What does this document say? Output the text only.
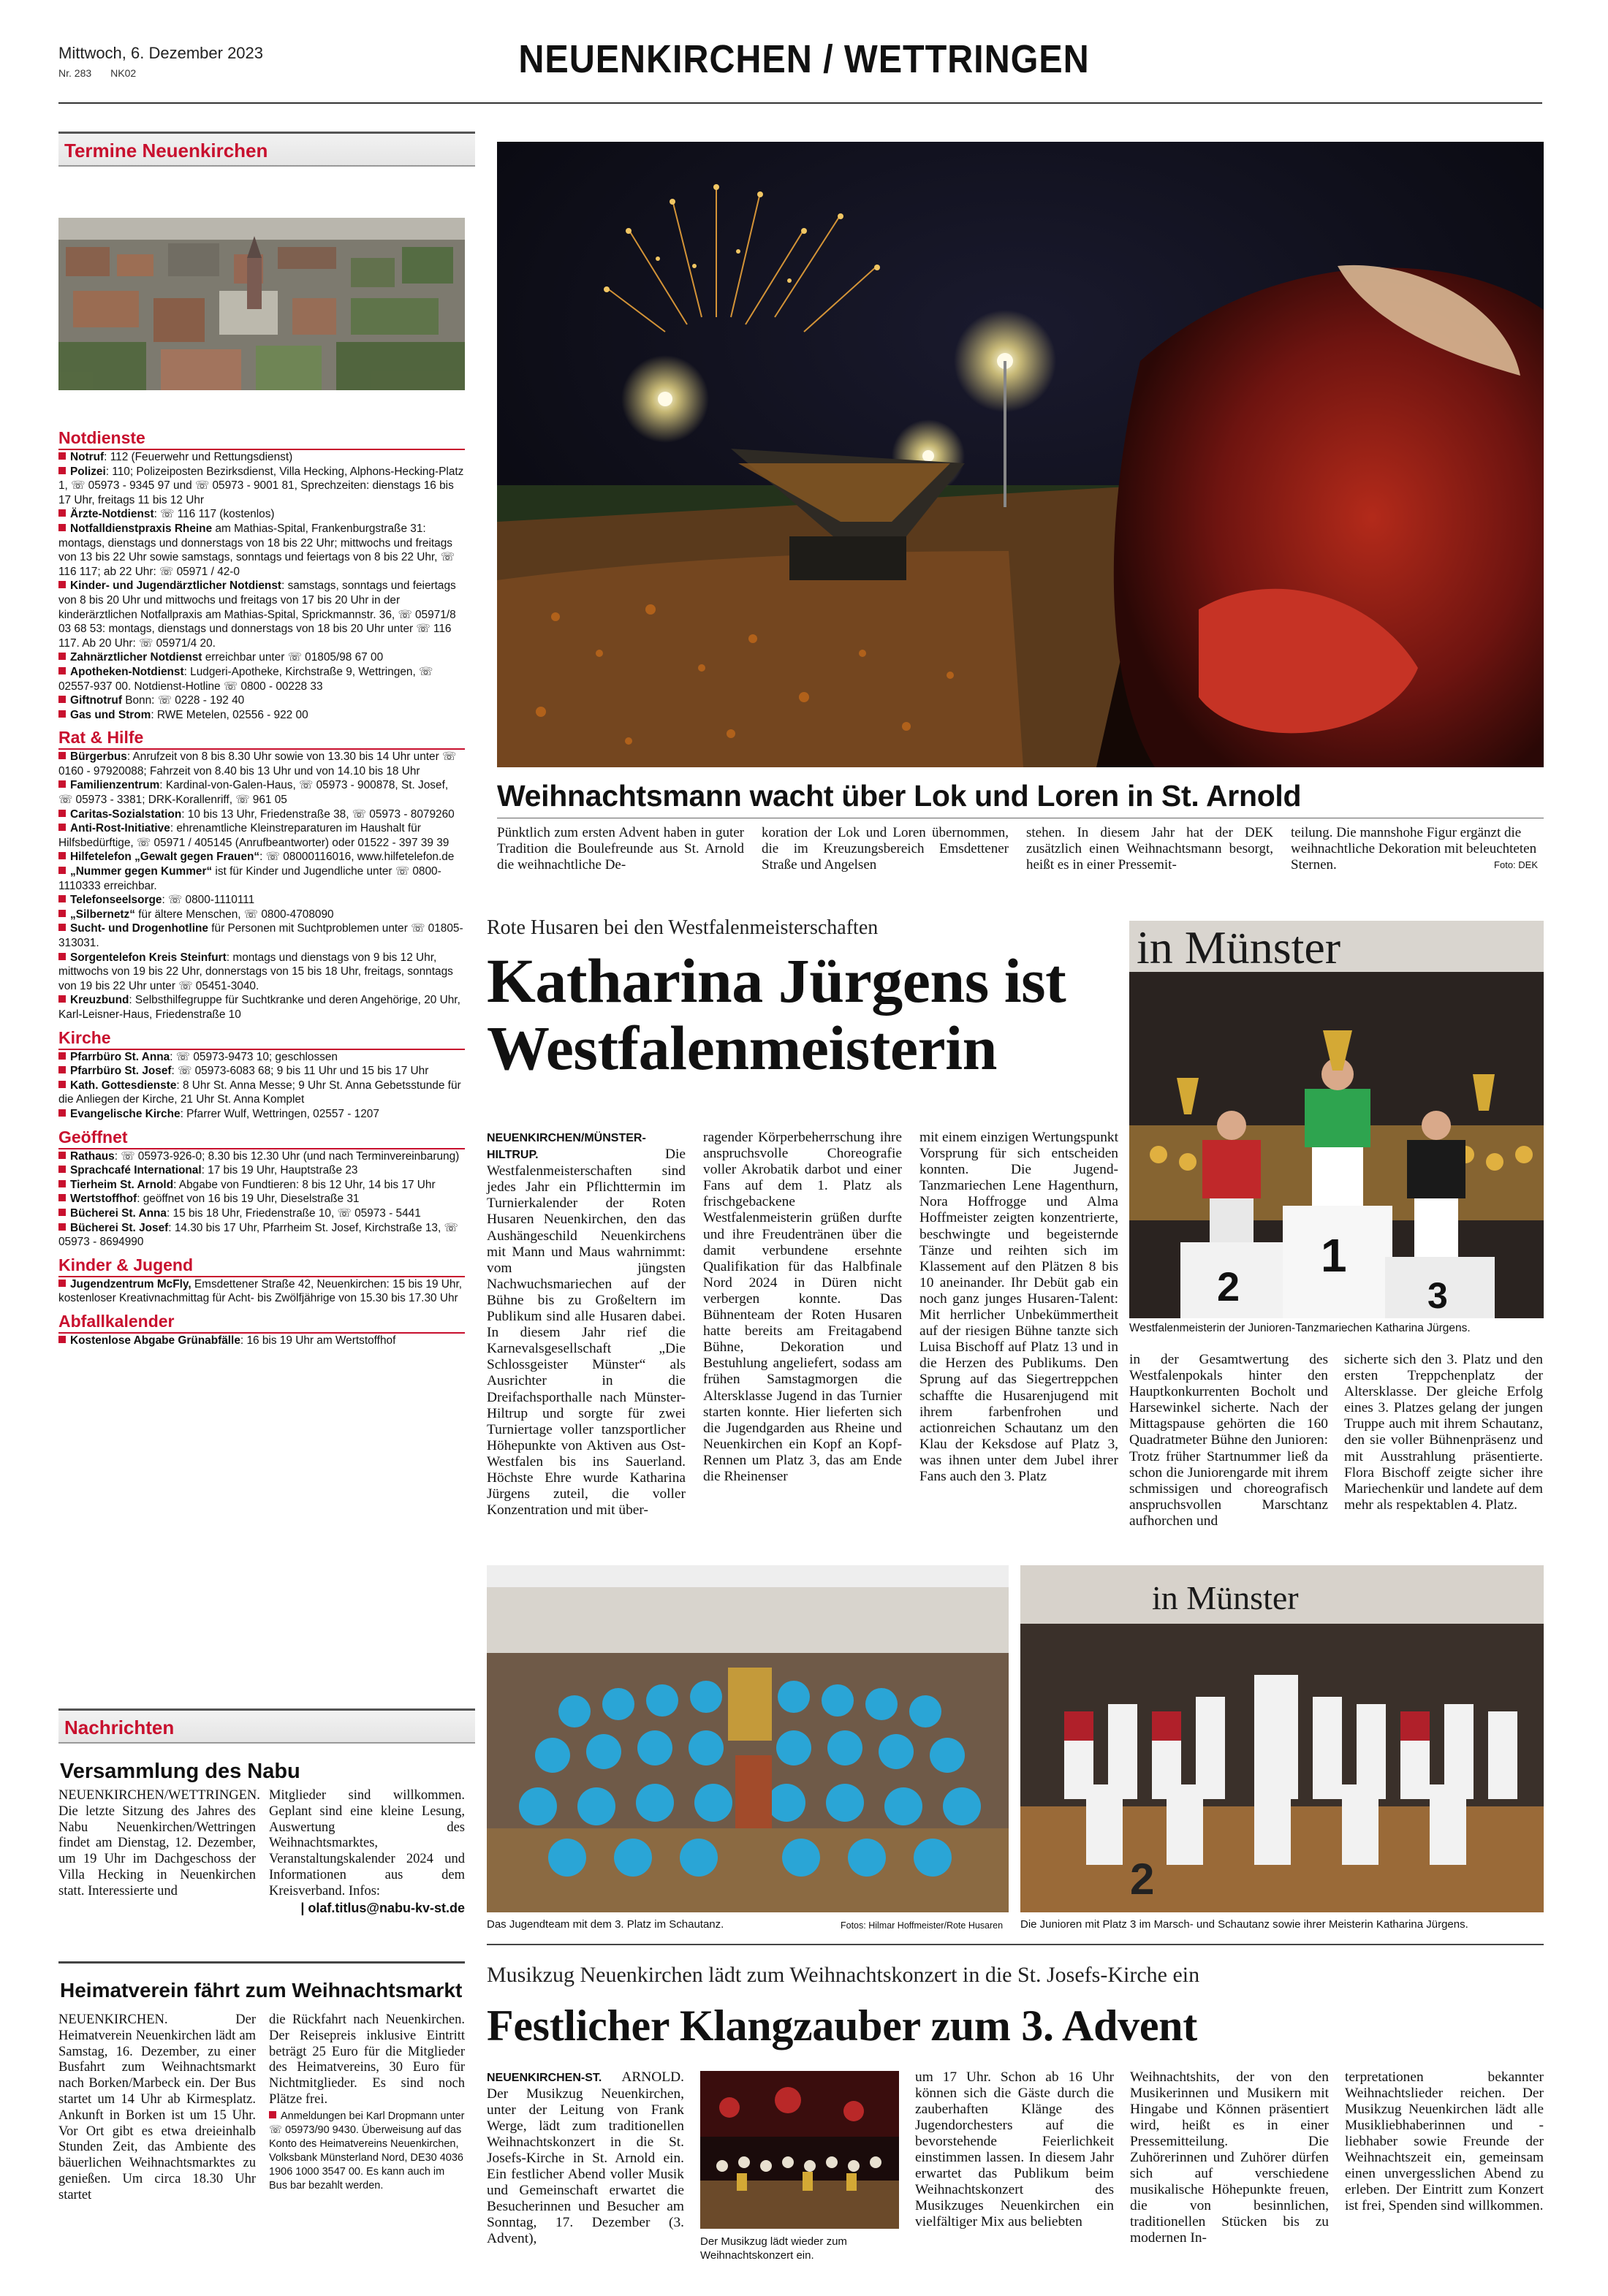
Mittwoch, 6. Dezember 2023
Nr. 283 NK02	NEUENKIRCHEN / WETTRINGEN
Termine Neuenkirchen
Notdienste
Notruf: 112 (Feuerwehr und Rettungsdienst)
Polizei: 110; Polizeiposten Bezirksdienst, Villa Hecking, Alphons-Hecking-Platz 1, ☏ 05973 - 9345 97 und ☏ 05973 - 9001 81, Sprechzeiten: dienstags 16 bis 17 Uhr, freitags 11 bis 12 Uhr
Ärzte-Notdienst: ☏ 116 117 (kostenlos)
Notfalldienstpraxis Rheine am Mathias-Spital, Frankenburgstraße 31: montags, dienstags und donnerstags von 18 bis 22 Uhr; mittwochs und freitags von 13 bis 22 Uhr sowie samstags, sonntags und feiertags von 8 bis 22 Uhr, ☏ 116 117; ab 22 Uhr: ☏ 05971 / 42-0
Kinder- und Jugendärztlicher Notdienst: samstags, sonntags und feiertags von 8 bis 20 Uhr und mittwochs und freitags von 17 bis 20 Uhr in der kinderärztlichen Notfallpraxis am Mathias-Spital, Sprickmannstr. 36, ☏ 05971/8 03 68 53: montags, dienstags und donnerstags von 18 bis 20 Uhr unter ☏ 116 117. Ab 20 Uhr: ☏ 05971/4 20.
Zahnärztlicher Notdienst erreichbar unter ☏ 01805/98 67 00
Apotheken-Notdienst: Ludgeri-Apotheke, Kirchstraße 9, Wettringen, ☏ 02557-937 00. Notdienst-Hotline ☏ 0800 - 00228 33
Giftnotruf Bonn: ☏ 0228 - 192 40
Gas und Strom: RWE Metelen, 02556 - 922 00
Rat & Hilfe
Bürgerbus: Anrufzeit von 8 bis 8.30 Uhr sowie von 13.30 bis 14 Uhr unter ☏ 0160 - 97920088; Fahrzeit von 8.40 bis 13 Uhr und von 14.10 bis 18 Uhr
Familienzentrum: Kardinal-von-Galen-Haus, ☏ 05973 - 900878, St. Josef, ☏ 05973 - 3381; DRK-Korallenriff, ☏ 961 05
Caritas-Sozialstation: 10 bis 13 Uhr, Friedenstraße 38, ☏ 05973 - 8079260
Anti-Rost-Initiative: ehrenamtliche Kleinstreparaturen im Haushalt für Hilfsbedürftige, ☏ 05971 / 405145 (Anrufbeantworter) oder 01522 - 397 39 39
Hilfetelefon „Gewalt gegen Frauen“: ☏ 08000116016, www.hilfetelefon.de
„Nummer gegen Kummer“ ist für Kinder und Jugendliche unter ☏ 0800-1110333 erreichbar.
Telefonseelsorge: ☏ 0800-1110111
„Silbernetz“ für ältere Menschen, ☏ 0800-4708090
Sucht- und Drogenhotline für Personen mit Suchtproblemen unter ☏ 01805-313031.
Sorgentelefon Kreis Steinfurt: montags und dienstags von 9 bis 12 Uhr, mittwochs von 19 bis 22 Uhr, donnerstags von 15 bis 18 Uhr, freitags, sonntags von 19 bis 22 Uhr unter ☏ 05451-3040.
Kreuzbund: Selbsthilfegruppe für Suchtkranke und deren Angehörige, 20 Uhr, Karl-Leisner-Haus, Friedenstraße 10
Kirche
Pfarrbüro St. Anna: ☏ 05973-9473 10; geschlossen
Pfarrbüro St. Josef: ☏ 05973-6083 68; 9 bis 11 Uhr und 15 bis 17 Uhr
Kath. Gottesdienste: 8 Uhr St. Anna Messe; 9 Uhr St. Anna Gebetsstunde für die Anliegen der Kirche, 21 Uhr St. Anna Komplet
Evangelische Kirche: Pfarrer Wulf, Wettringen, 02557 - 1207
Geöffnet
Rathaus: ☏ 05973-926-0; 8.30 bis 12.30 Uhr (und nach Terminvereinbarung)
Sprachcafé International: 17 bis 19 Uhr, Hauptstraße 23
Tierheim St. Arnold: Abgabe von Fundtieren: 8 bis 12 Uhr, 14 bis 17 Uhr
Wertstoffhof: geöffnet von 16 bis 19 Uhr, Dieselstraße 31
Bücherei St. Anna: 15 bis 18 Uhr, Friedenstraße 10, ☏ 05973 - 5441
Bücherei St. Josef: 14.30 bis 17 Uhr, Pfarrheim St. Josef, Kirchstraße 13, ☏ 05973 - 8694990
Kinder & Jugend
Jugendzentrum McFly, Emsdettener Straße 42, Neuenkirchen: 15 bis 19 Uhr, kostenloser Kreativnachmittag für Acht- bis Zwölfjährige von 15.30 bis 17.30 Uhr
Abfallkalender
Kostenlose Abgabe Grünabfälle: 16 bis 19 Uhr am Wertstoffhof
Nachrichten
Versammlung des Nabu

NEUENKIRCHEN/WETTRINGEN. Die letzte Sitzung des Jahres des Nabu Neuenkirchen/Wettringen findet am Dienstag, 12. Dezember, um 19 Uhr im Dachgeschoss der Villa Hecking in Neuenkirchen statt. Interessierte und

Mitglieder sind willkommen. Geplant sind eine kleine Lesung, Auswertung des Weihnachtsmarktes, Veranstaltungskalender 2024 und Informationen aus dem Kreisverband. Infos:

| olaf.titlus@nabu-kv-st.de

Heimatverein fährt zum Weihnachtsmarkt

NEUENKIRCHEN. Der Heimatverein Neuenkirchen lädt am Samstag, 16. Dezember, zu einer Busfahrt zum Weihnachtsmarkt nach Borken/Marbeck ein. Der Bus startet um 14 Uhr ab Kirmesplatz. Ankunft in Borken ist um 15 Uhr. Vor Ort gibt es etwa dreieinhalb Stunden Zeit, das Ambiente des bäuerlichen Weihnachtsmarktes zu genießen. Um circa 18.30 Uhr startet

die Rückfahrt nach Neuenkirchen. Der Reisepreis inklusive Eintritt beträgt 25 Euro für die Mitglieder des Heimatvereins, 30 Euro für Nichtmitglieder. Es sind noch Plätze frei.

Anmeldungen bei Karl Dropmann unter ☏ 05973/90 9430. Überweisung auf das Konto des Heimatvereins Neuenkirchen, Volksbank Münsterland Nord, DE30 4036 1906 1000 3547 00. Es kann auch im Bus bar bezahlt werden.

Weihnachtsmann wacht über Lok und Loren in St. Arnold

Pünktlich zum ersten Advent haben in guter Tradition die Boulefreunde aus St. Arnold die weihnachtliche De-

koration der Lok und Loren übernommen, die im Kreuzungsbereich Emsdettener Straße und Angelsen

stehen. In diesem Jahr hat der DEK zusätzlich einen Weihnachtsmann besorgt, heißt es in einer Pressemit-

teilung. Die mannshohe Figur ergänzt die weihnachtliche Dekoration mit beleuchteten Sternen.	Foto: DEK
Rote Husaren bei den Westfalenmeisterschaften
Katharina Jürgens ist Westfalenmeisterin
in Münster
2
1
3
Westfalenmeisterin der Junioren-Tanzmariechen Katharina Jürgens.

NEUENKIRCHEN/MÜNSTER-HILTRUP. Die Westfalenmeisterschaften sind jedes Jahr ein Pflichttermin im Turnierkalender der Roten Husaren Neuenkirchen, den das Aushängeschild Neuenkirchens mit Mann und Maus wahrnimmt: vom jüngsten Nachwuchsmariechen auf der Bühne bis zu Großeltern im Publikum sind alle Husaren dabei. In diesem Jahr rief die Karnevalsgesellschaft „Die Schlossgeister Münster“ als Ausrichter in die Dreifachsporthalle nach Münster-Hiltrup und sorgte für zwei Turniertage voller tanzsportlicher Höhepunkte von Aktiven aus Ost-Westfalen bis ins Sauerland. Höchste Ehre wurde Katharina Jürgens zuteil, die voller Konzentration und mit über-

ragender Körperbeherrschung ihre anspruchsvolle Choreografie voller Akrobatik darbot und einer Fans auf dem 1. Platz als frischgebackene Westfalenmeisterin grüßen durfte und ihre Freudentränen über die damit verbundene ersehnte Qualifikation für das Halbfinale Nord 2024 in Düren nicht verbergen konnte. Das Bühnenteam der Roten Husaren hatte bereits am Freitagabend Bühne, Dekoration und Bestuhlung angeliefert, sodass am frühen Samstagmorgen die Altersklasse Jugend in das Turnier starten konnte. Hier lieferten sich die Jugendgarden aus Rheine und Neuenkirchen ein Kopf an Kopf-Rennen um Platz 3, das am Ende die Rheinenser

mit einem einzigen Wertungspunkt Vorsprung für sich entscheiden konnten. Die Jugend-Tanzmariechen Lene Hagenthurn, Nora Hoffrogge und Alma Hoffmeister zeigten konzentrierte, beschwingte und begeisternde Tänze und reihten sich im Klassement auf den Plätzen 8 bis 10 aneinander. Ihr Debüt gab ein noch ganz junges Husaren-Talent: Mit herrlicher Unbekümmertheit auf der riesigen Bühne tanzte sich Luisa Bischoff auf Platz 13 und in die Herzen des Publikums. Den Sprung auf das Siegertreppchen schaffte die Husarenjugend mit ihrem farbenfrohen und actionreichen Schautanz um den Klau der Keksdose auf Platz 3, was ihnen unter dem Jubel ihrer Fans auch den 3. Platz

in der Gesamtwertung des Westfalenpokals hinter den Hauptkonkurrenten Bocholt und Harsewinkel sicherte. Nach der Mittagspause gehörten die 160 Quadratmeter Bühne den Junioren: Trotz früher Startnummer ließ da schon die Juniorengarde mit ihrem schmissigen und choreografisch anspruchsvollen Marschtanz aufhorchen und

sicherte sich den 3. Platz und den ersten Treppchenplatz der Altersklasse. Der gleiche Erfolg eines 3. Platzes gelang der jungen Truppe auch mit ihrem Schautanz, den sie voller Bühnenpräsenz und mit Ausstrahlung präsentierte. Flora Bischoff zeigte sicher ihre Mariechenkür und landete auf dem mehr als respektablen 4. Platz.

in Münster
2
Das Jugendteam mit dem 3. Platz im Schautanz.	Fotos: Hilmar Hoffmeister/Rote Husaren Die Junioren mit Platz 3 im Marsch- und Schautanz sowie ihrer Meisterin Katharina Jürgens.
Musikzug Neuenkirchen lädt zum Weihnachtskonzert in die St. Josefs-Kirche ein
Festlicher Klangzauber zum 3. Advent

NEUENKIRCHEN-ST. ARNOLD. Der Musikzug Neuenkirchen, unter der Leitung von Frank Werge, lädt zum traditionellen Weihnachtskonzert in die St. Josefs-Kirche in St. Arnold ein. Ein festlicher Abend voller Musik und Gemeinschaft erwartet die Besucherinnen und Besucher am Sonntag, 17. Dezember (3. Advent),	Der Musikzug lädt wieder zum Weihnachtskonzert ein.

um 17 Uhr. Schon ab 16 Uhr können sich die Gäste durch die zauberhaften Klänge des Jugendorchesters auf die bevorstehende Feierlichkeit einstimmen lassen. In diesem Jahr erwartet das Publikum beim Weihnachtskonzert des Musikzuges Neuenkirchen ein vielfältiger Mix aus beliebten

Weihnachtshits, der von den Musikerinnen und Musikern mit Hingabe und Können präsentiert wird, heißt es in einer Pressemitteilung. Die Zuhörerinnen und Zuhörer dürfen sich auf verschiedene musikalische Höhepunkte freuen, die von besinnlichen, traditionellen Stücken bis zu modernen In-

terpretationen bekannter Weihnachtslieder reichen. Der Musikzug Neuenkirchen lädt alle Musikliebhaberinnen und -liebhaber sowie Freunde der Weihnachtszeit ein, gemeinsam einen unvergesslichen Abend zu erleben. Der Eintritt zum Konzert ist frei, Spenden sind willkommen.
